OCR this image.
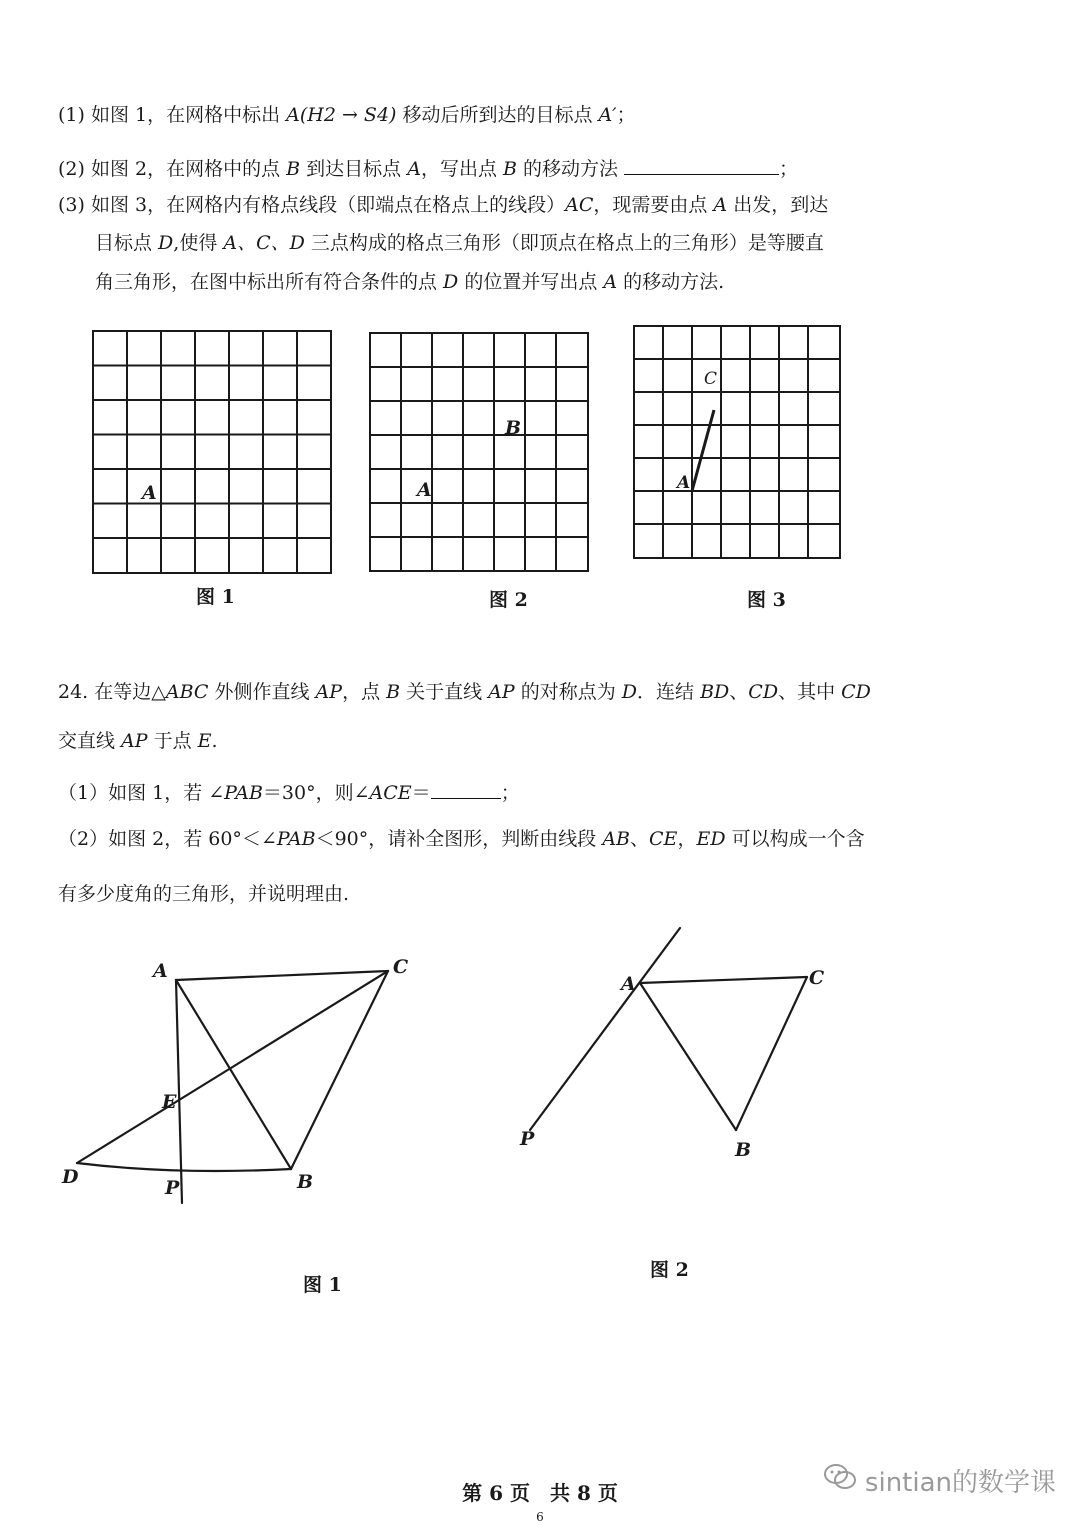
(1) 如图 1，在网格中标出 A(H2 → S4) 移动后所到达的目标点 A′；
(2) 如图 2，在网格中的点 B 到达目标点 A，写出点 B 的移动方法	；
(3) 如图 3，在网格内有格点线段（即端点在格点上的线段）AC，现需要由点 A 出发，到达
目标点 D,使得 A、C、D 三点构成的格点三角形（即顶点在格点上的三角形）是等腰直
角三角形，在图中标出所有符合条件的点 D 的位置并写出点 A 的移动方法.
A
B
A
C
A
图 1	图 2	图 3
24. 在等边△ABC 外侧作直线 AP，点 B 关于直线 AP 的对称点为 D．连结 BD、CD、其中 CD
交直线 AP 于点 E.
（1）如图 1，若 ∠PAB＝30°，则∠ACE＝	；
（2）如图 2，若 60°＜∠PAB＜90°，请补全图形，判断由线段 AB、CE，ED 可以构成一个含
有多少度角的三角形，并说明理由.
A	C
E
D	P	B
图 1
A	C
P	B
图 2
第 6 页　共 8 页
6
sintian的数学课
